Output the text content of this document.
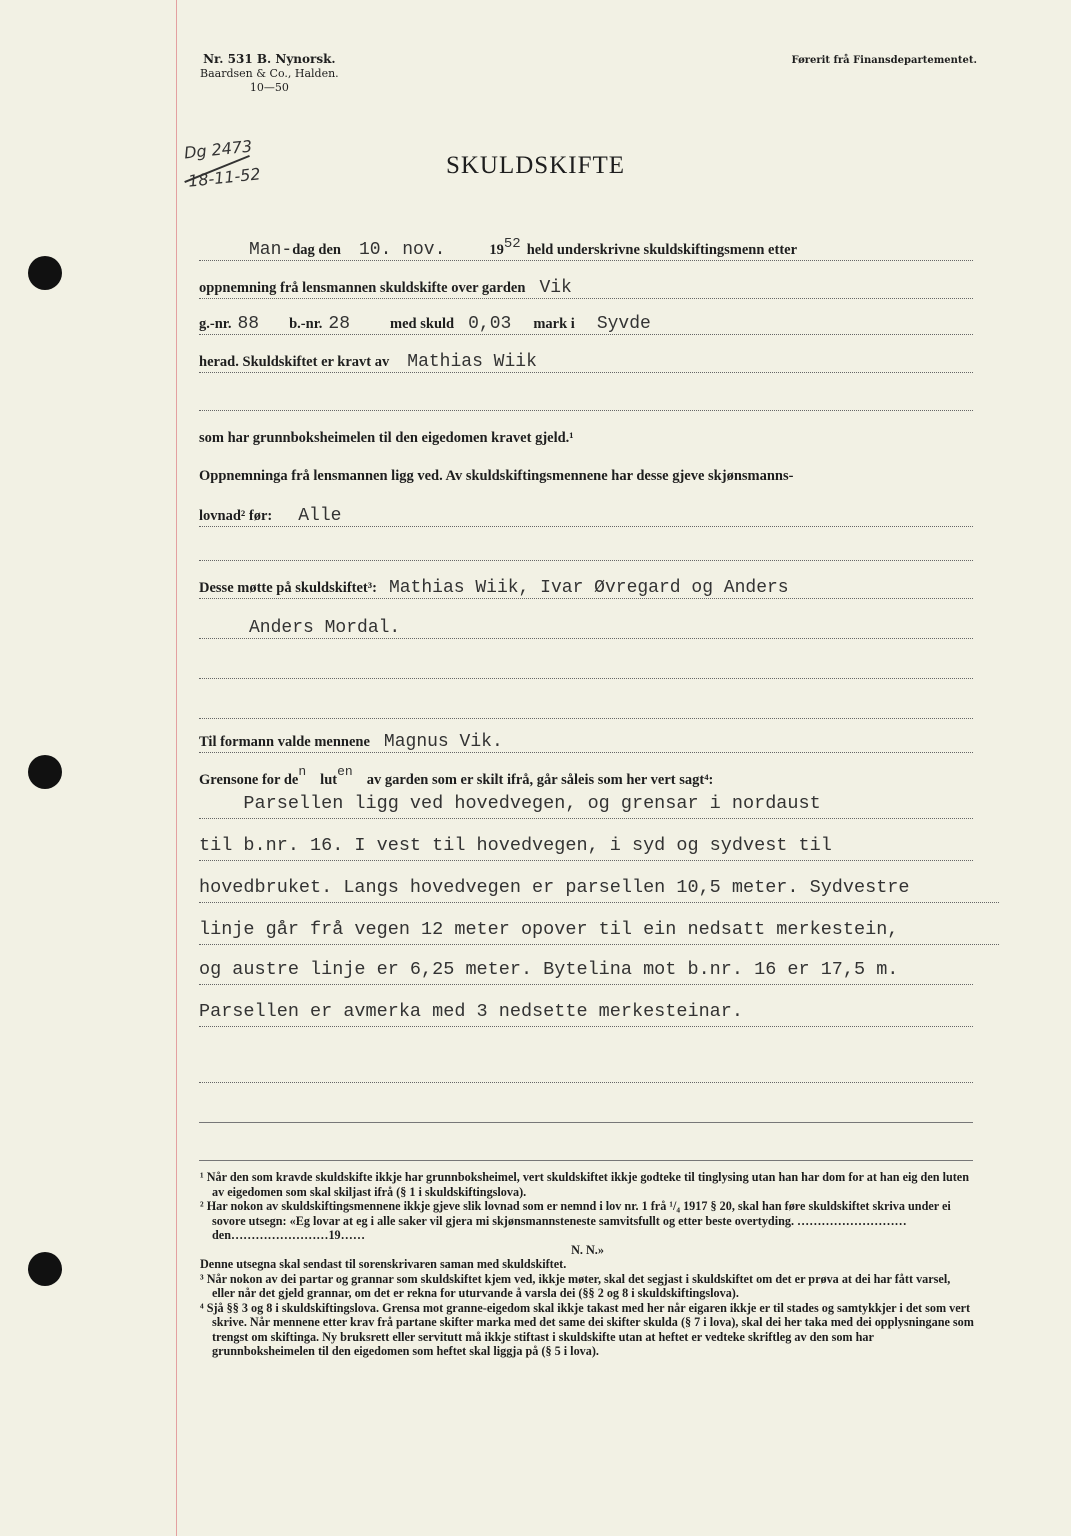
Nr. 531 B. Nynorsk.
Baardsen & Co., Halden.
10—50
Førerit frå Finansdepartementet.
Dg 2473
18-11-52	SKULDSKIFTE
Man- dag den 10. nov.	19 52 held underskrivne skuldskiftingsmenn etter
oppnemning frå lensmannen skuldskifte over garden Vik
g.-nr. 88 b.-nr. 28	med skuld 0,03 mark i Syvde
herad. Skuldskiftet er kravt av Mathias Wiik
som har grunnboksheimelen til den eigedomen kravet gjeld.¹
Oppnemninga frå lensmannen ligg ved. Av skuldskiftingsmennene har desse gjeve skjønsmanns-
lovnad² før: Alle
Desse møtte på skuldskiftet³: Mathias Wiik, Ivar Øvregard og Anders
Anders Mordal.
Til formann valde mennene Magnus Vik.
Grensone for de
n
lut
en
av garden som er skilt ifrå, går såleis som her vert sagt⁴:
Parsellen ligg ved hovedvegen, og grensar i nordaust
til b.nr. 16. I vest til hovedvegen, i syd og sydvest til
hovedbruket. Langs hovedvegen er parsellen 10,5 meter. Sydvestre
linje går frå vegen 12 meter opover til ein nedsatt merkestein,
og austre linje er 6,25 meter. Bytelina mot b.nr. 16 er 17,5 m.
Parsellen er avmerka med 3 nedsette merkesteinar.

¹ Når den som kravde skuldskifte ikkje har grunnboksheimel, vert skuldskiftet ikkje godteke til tinglysing utan han har dom for at han eig den luten av eigedomen som skal skiljast ifrå (§ 1 i skuldskiftingslova).

² Har nokon av skuldskiftingsmennene ikkje gjeve slik lovnad som er nemnd i lov nr. 1 frå ¹/₄ 1917 § 20, skal han føre skuldskiftet skriva under ei sovore utsegn: «Eg lovar at eg i alle saker vil gjera mi skjønsmannsteneste samvitsfullt og etter beste overtyding. ………………………den……………………19……

N. N.»

Denne utsegna skal sendast til sorenskrivaren saman med skuldskiftet.

³ Når nokon av dei partar og grannar som skuldskiftet kjem ved, ikkje møter, skal det segjast i skuldskiftet om det er prøva at dei har fått varsel, eller når det gjeld grannar, om det er rekna for uturvande å varsla dei (§§ 2 og 8 i skuldskiftingslova).

⁴ Sjå §§ 3 og 8 i skuldskiftingslova. Grensa mot granne-eigedom skal ikkje takast med her når eigaren ikkje er til stades og samtykkjer i det som vert skrive. Når mennene etter krav frå partane skifter marka med det same dei skifter skulda (§ 7 i lova), skal dei her taka med dei opplysningane som trengst om skiftinga. Ny bruksrett eller servitutt må ikkje stiftast i skuldskifte utan at heftet er vedteke skriftleg av den som har grunnboksheimelen til den eigedomen som heftet skal liggja på (§ 5 i lova).
